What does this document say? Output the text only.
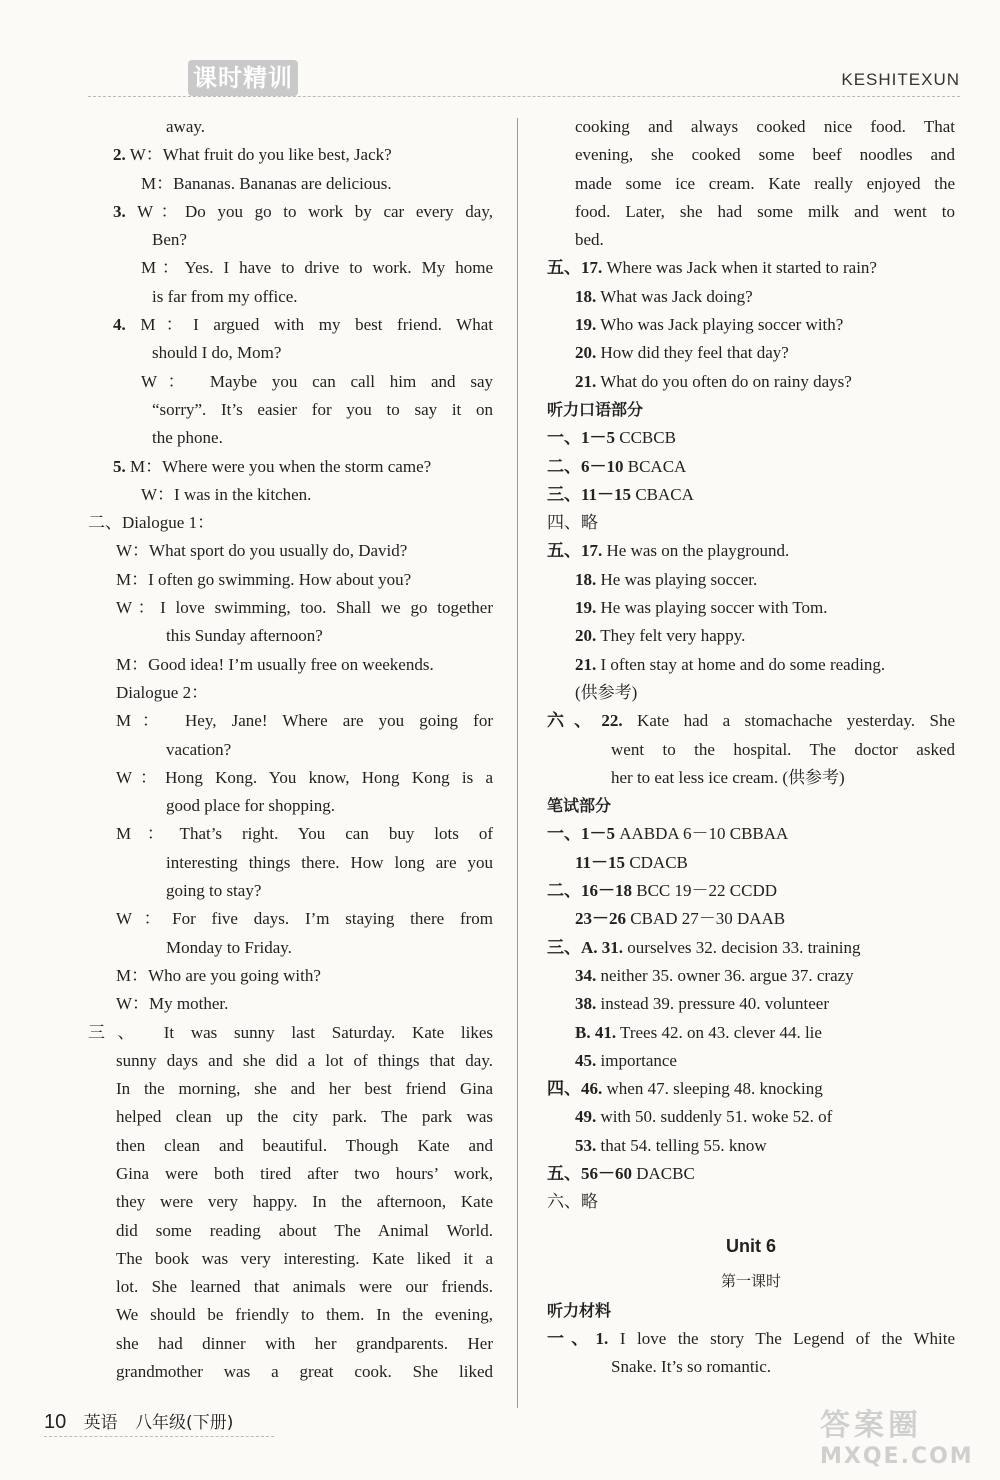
课时精训	KESHITEXUN
away.
2. W：What fruit do you like best, Jack?
M：Bananas. Bananas are delicious.
3. W：Do you go to work by car every day,
Ben?
M：Yes. I have to drive to work. My home
is far from my office.
4. M：I argued with my best friend. What
should I do, Mom?
W： Maybe you can call him and say
“sorry”. It’s easier for you to say it on
the phone.
5. M：Where were you when the storm came?
W：I was in the kitchen.
二、Dialogue 1：
W：What sport do you usually do, David?
M：I often go swimming. How about you?
W：I love swimming, too. Shall we go together
this Sunday afternoon?
M：Good idea! I’m usually free on weekends.
Dialogue 2：
M： Hey, Jane! Where are you going for
vacation?
W：Hong Kong. You know, Hong Kong is a
good place for shopping.
M：That’s right. You can buy lots of
interesting things there. How long are you
going to stay?
W：For five days. I’m staying there from
Monday to Friday.
M：Who are you going with?
W：My mother.
三、 It was sunny last Saturday. Kate likes
sunny days and she did a lot of things that day.
In the morning, she and her best friend Gina
helped clean up the city park. The park was
then clean and beautiful. Though Kate and
Gina were both tired after two hours’ work,
they were very happy. In the afternoon, Kate
did some reading about The Animal World.
The book was very interesting. Kate liked it a
lot. She learned that animals were our friends.
We should be friendly to them. In the evening,
she had dinner with her grandparents. Her
grandmother was a great cook. She liked
cooking and always cooked nice food. That
evening, she cooked some beef noodles and
made some ice cream. Kate really enjoyed the
food. Later, she had some milk and went to
bed.
五、17. Where was Jack when it started to rain?
18. What was Jack doing?
19. Who was Jack playing soccer with?
20. How did they feel that day?
21. What do you often do on rainy days?
听力口语部分
一、1－5 CCBCB
二、6－10 BCACA
三、11－15 CBACA
四、略
五、17. He was on the playground.
18. He was playing soccer.
19. He was playing soccer with Tom.
20. They felt very happy.
21. I often stay at home and do some reading.
(供参考)
六、22. Kate had a stomachache yesterday. She
went to the hospital. The doctor asked
her to eat less ice cream. (供参考)
笔试部分
一、1－5 AABDA 6－10 CBBAA
11－15 CDACB
二、16－18 BCC 19－22 CCDD
23－26 CBAD 27－30 DAAB
三、A. 31. ourselves 32. decision 33. training
34. neither 35. owner 36. argue 37. crazy
38. instead 39. pressure 40. volunteer
B. 41. Trees 42. on 43. clever 44. lie
45. importance
四、46. when 47. sleeping 48. knocking
49. with 50. suddenly 51. woke 52. of
53. that 54. telling 55. know
五、56－60 DACBC
六、略
Unit 6
第一课时
听力材料
一、1. I love the story The Legend of the White
Snake. It’s so romantic.
10 英语 八年级(下册)	答案圈
MXQE.COM
